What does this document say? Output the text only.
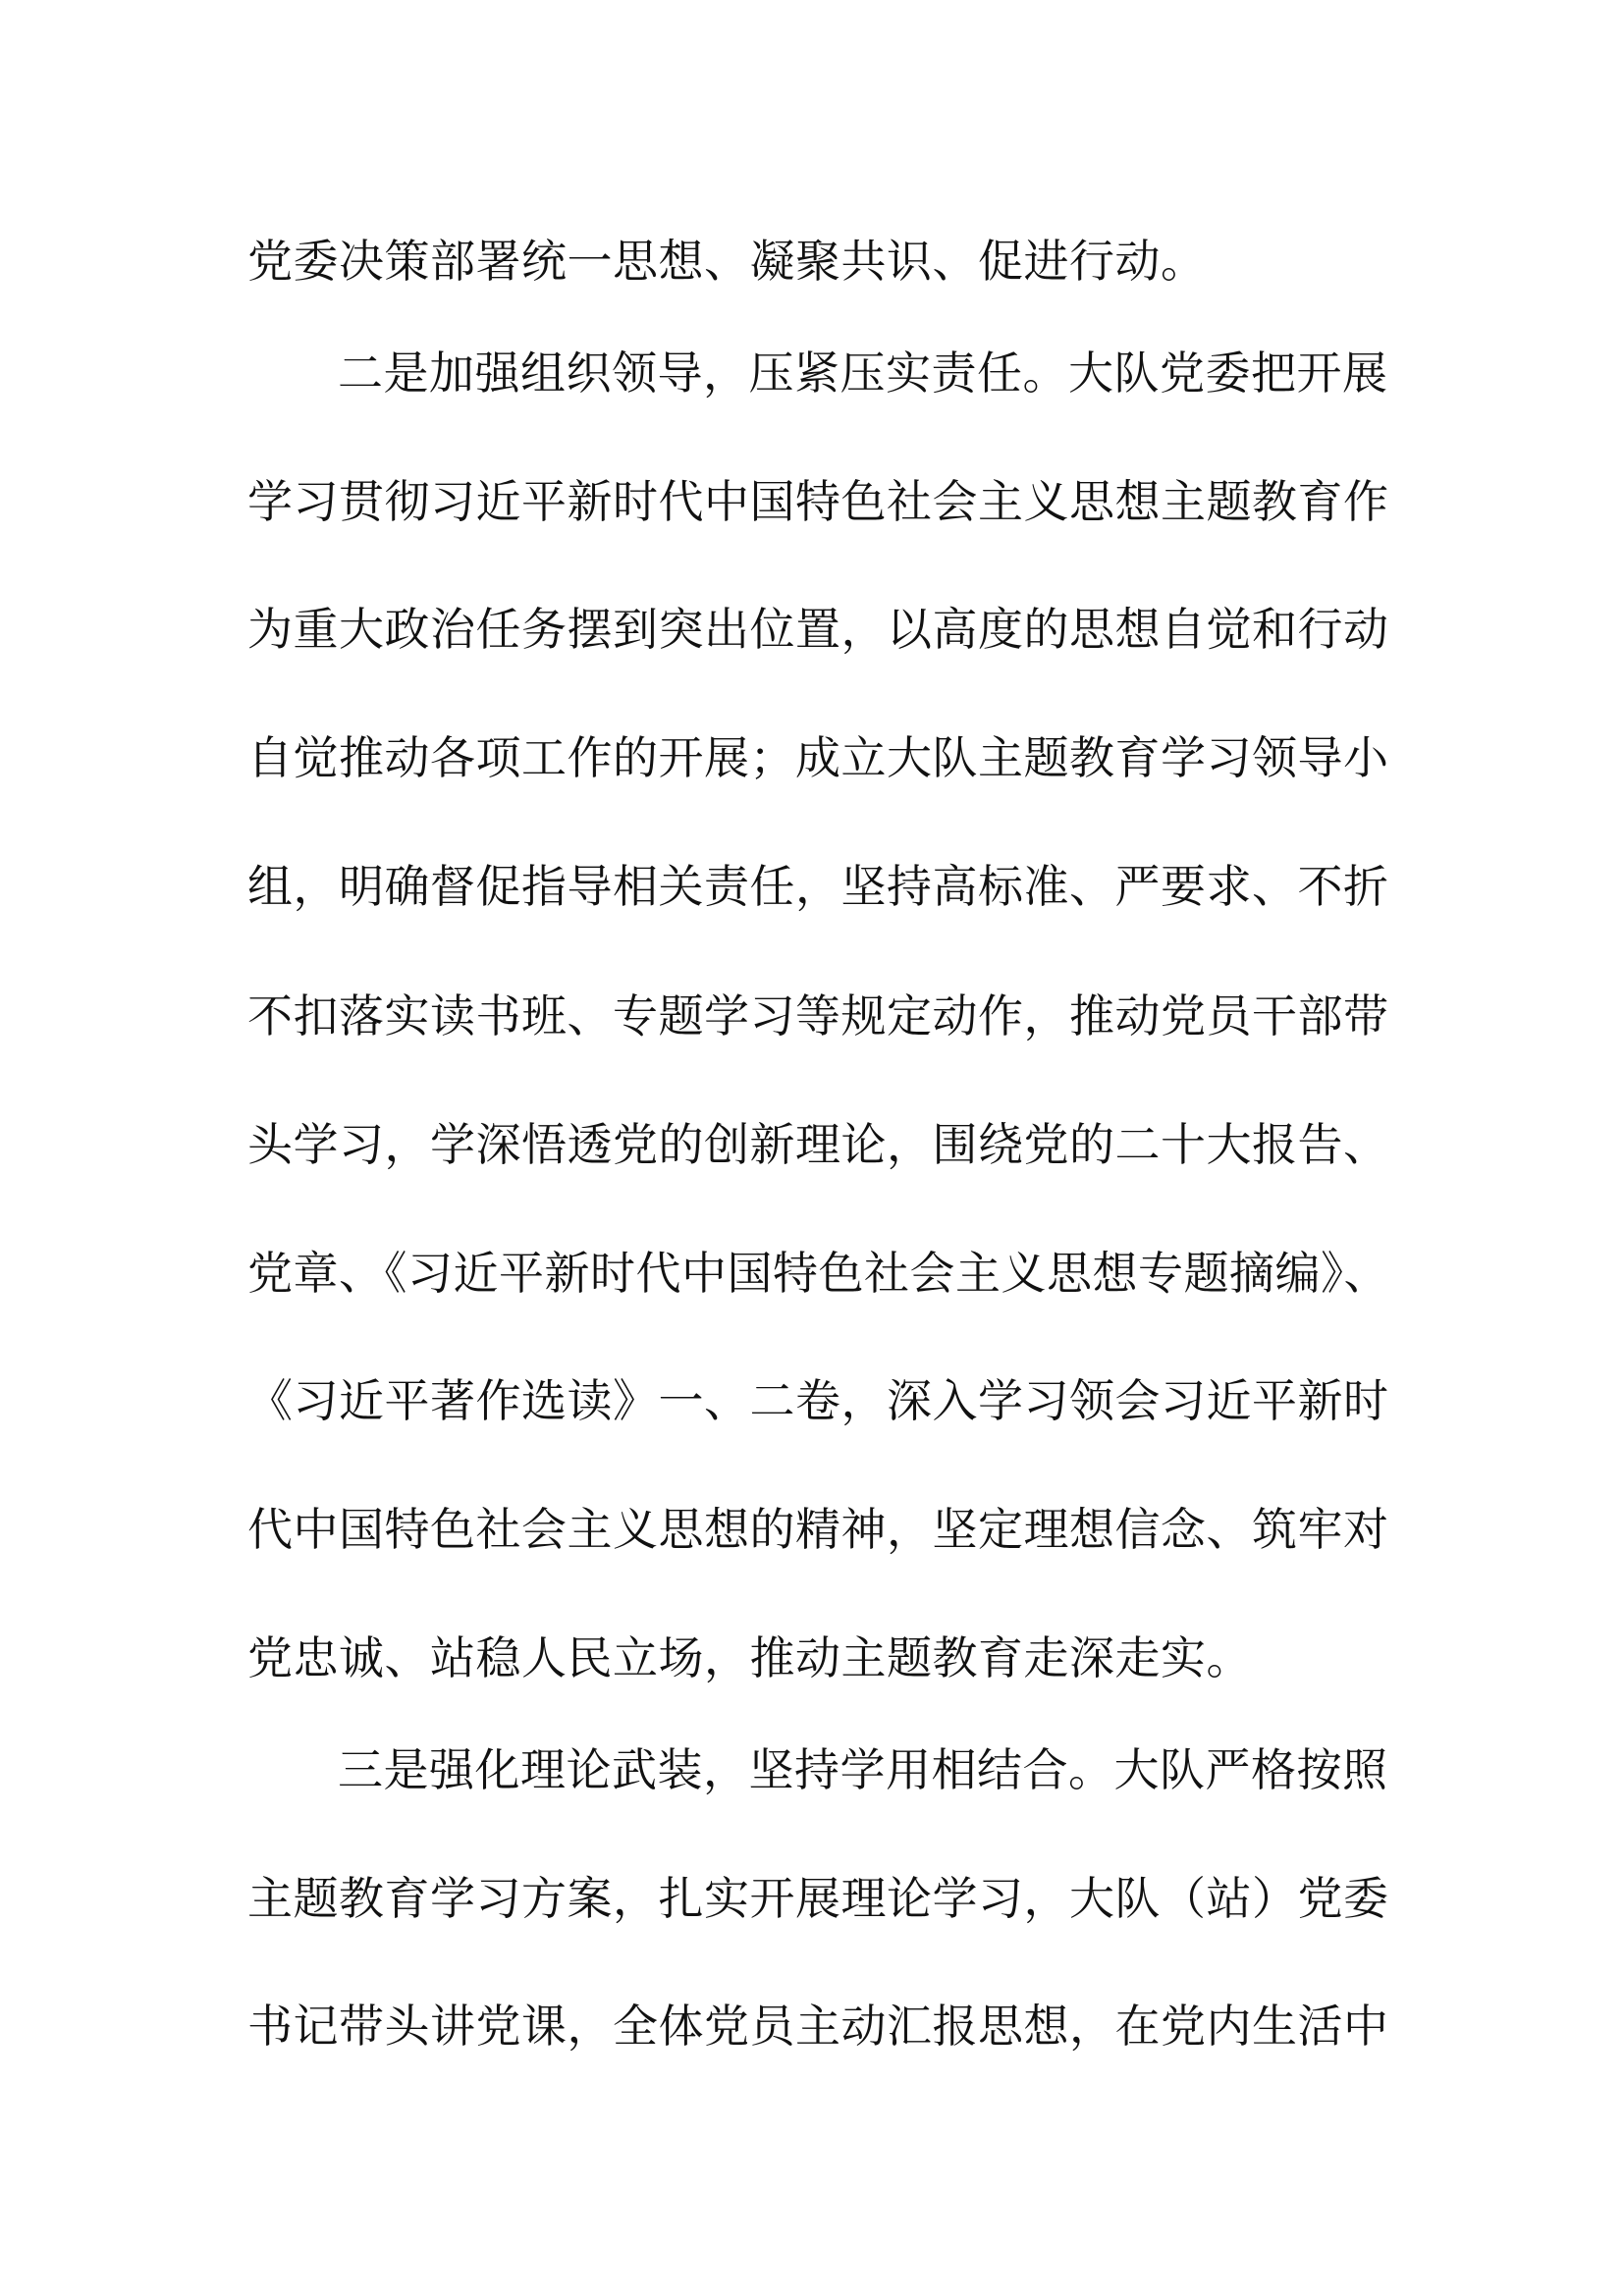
党委决策部署统一思想、凝聚共识、促进行动。
二是加强组织领导，压紧压实责任。大队党委把开展
学习贯彻习近平新时代中国特色社会主义思想主题教育作
为重大政治任务摆到突出位置，以高度的思想自觉和行动
自觉推动各项工作的开展；成立大队主题教育学习领导小
组，明确督促指导相关责任，坚持高标准、严要求、不折
不扣落实读书班、专题学习等规定动作，推动党员干部带
头学习，学深悟透党的创新理论，围绕党的二十大报告、
党章、《习近平新时代中国特色社会主义思想专题摘编》、
《习近平著作选读》一、二卷，深入学习领会习近平新时
代中国特色社会主义思想的精神，坚定理想信念、筑牢对
党忠诚、站稳人民立场，推动主题教育走深走实。
三是强化理论武装，坚持学用相结合。大队严格按照
主题教育学习方案，扎实开展理论学习，大队（站）党委
书记带头讲党课，全体党员主动汇报思想，在党内生活中
